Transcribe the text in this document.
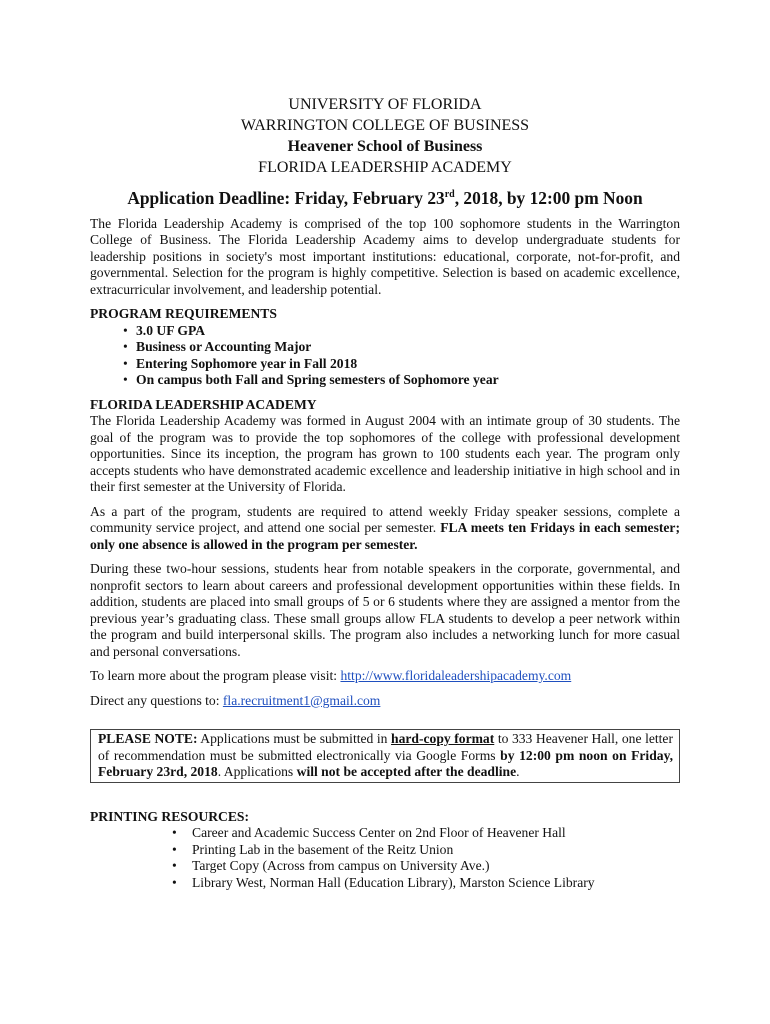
UNIVERSITY OF FLORIDA
WARRINGTON COLLEGE OF BUSINESS
Heavener School of Business
FLORIDA LEADERSHIP ACADEMY
Application Deadline: Friday, February 23rd, 2018, by 12:00 pm Noon

The Florida Leadership Academy is comprised of the top 100 sophomore students in the Warrington College of Business. The Florida Leadership Academy aims to develop undergraduate students for leadership positions in society's most important institutions: educational, corporate, not-for-profit, and governmental. Selection for the program is highly competitive. Selection is based on academic excellence, extracurricular involvement, and leadership potential.

PROGRAM REQUIREMENTS
• 3.0 UF GPA
• Business or Accounting Major
• Entering Sophomore year in Fall 2018
• On campus both Fall and Spring semesters of Sophomore year
FLORIDA LEADERSHIP ACADEMY

The Florida Leadership Academy was formed in August 2004 with an intimate group of 30 students. The goal of the program was to provide the top sophomores of the college with professional development opportunities. Since its inception, the program has grown to 100 students each year. The program only accepts students who have demonstrated academic excellence and leadership initiative in high school and in their first semester at the University of Florida.

As a part of the program, students are required to attend weekly Friday speaker sessions, complete a community service project, and attend one social per semester. FLA meets ten Fridays in each semester; only one absence is allowed in the program per semester.

During these two-hour sessions, students hear from notable speakers in the corporate, governmental, and nonprofit sectors to learn about careers and professional development opportunities within these fields. In addition, students are placed into small groups of 5 or 6 students where they are assigned a mentor from the previous year’s graduating class. These small groups allow FLA students to develop a peer network within the program and build interpersonal skills. The program also includes a networking lunch for more casual and personal conversations.

To learn more about the program please visit: http://www.floridaleadershipacademy.com

Direct any questions to: fla.recruitment1@gmail.com

PLEASE NOTE: Applications must be submitted in hard-copy format to 333 Heavener Hall, one letter of recommendation must be submitted electronically via Google Forms by 12:00 pm noon on Friday, February 23rd, 2018. Applications will not be accepted after the deadline.
PRINTING RESOURCES:
• Career and Academic Success Center on 2nd Floor of Heavener Hall
• Printing Lab in the basement of the Reitz Union
• Target Copy (Across from campus on University Ave.)
• Library West, Norman Hall (Education Library), Marston Science Library
